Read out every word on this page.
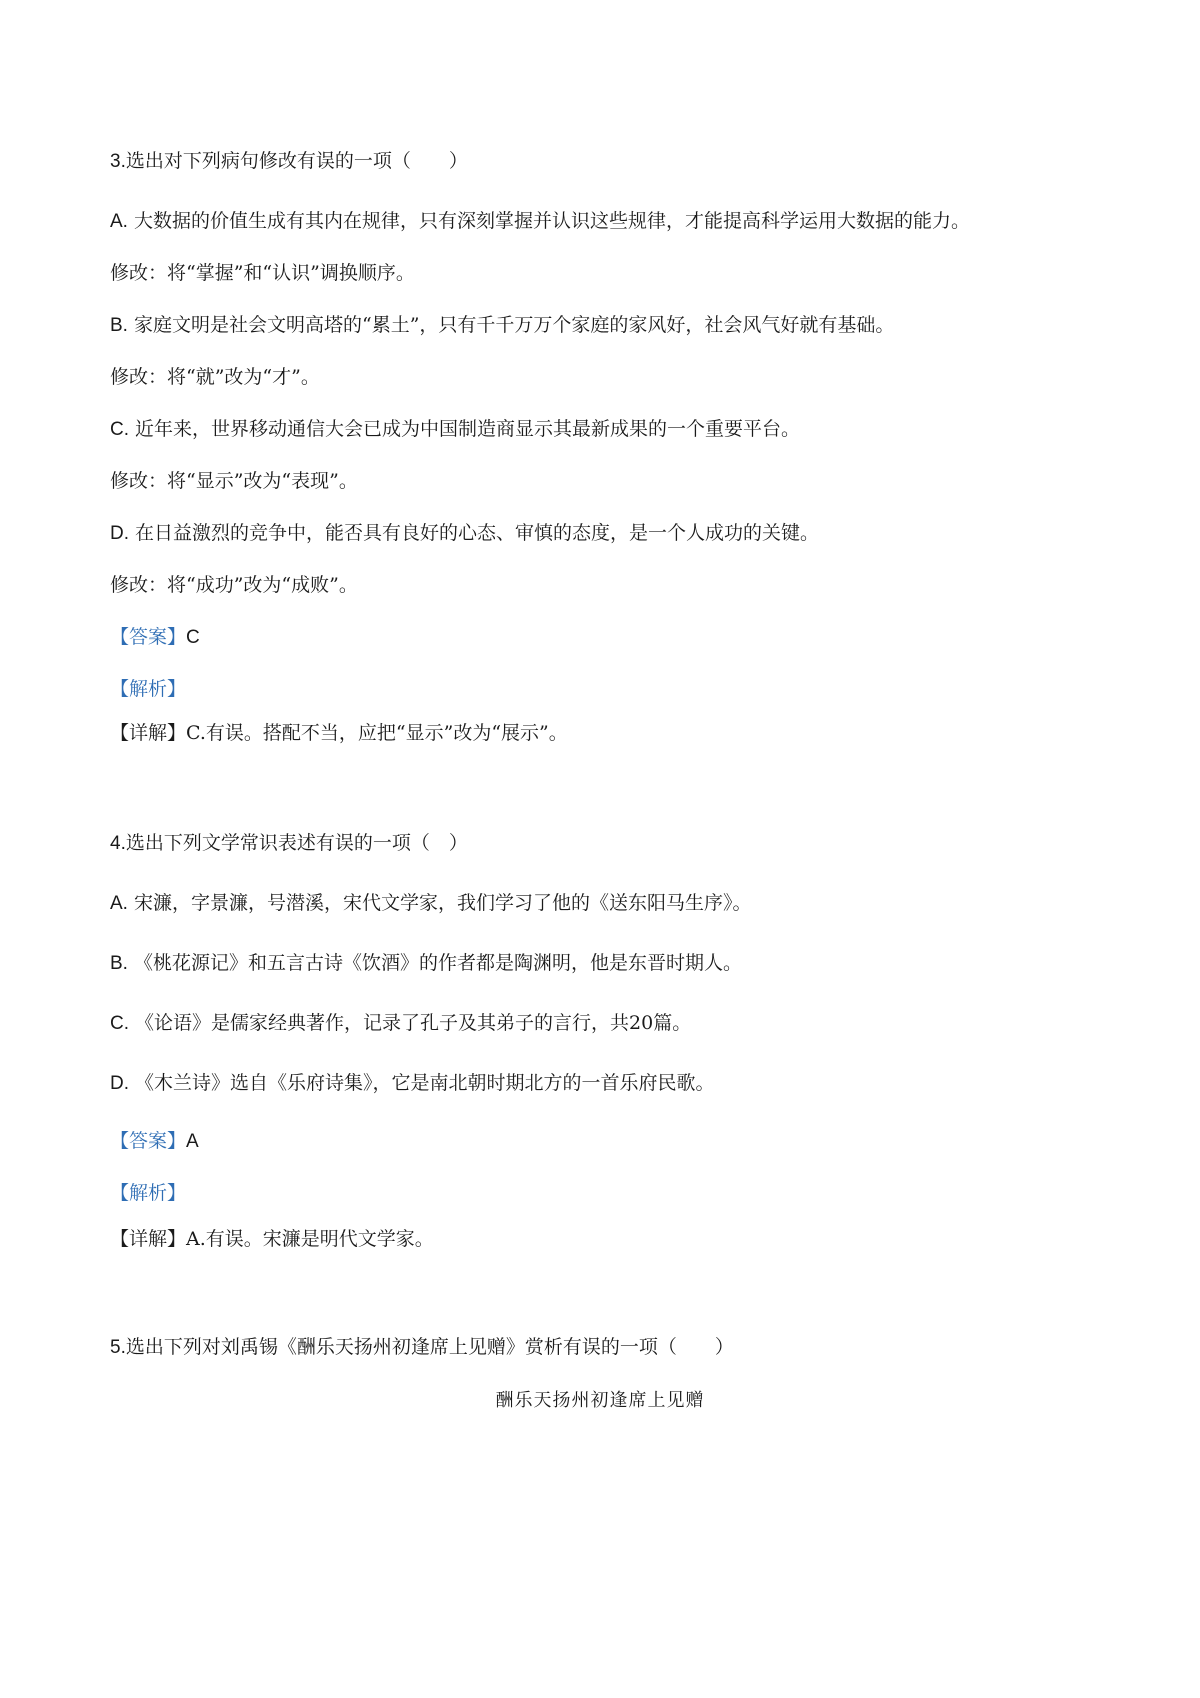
3.选出对下列病句修改有误的一项（　　）
A. 大数据的价值生成有其内在规律，只有深刻掌握并认识这些规律，才能提高科学运用大数据的能力。
修改：将“掌握”和“认识”调换顺序。
B. 家庭文明是社会文明高塔的“累土”，只有千千万万个家庭的家风好，社会风气好就有基础。
修改：将“就”改为“才”。
C. 近年来，世界移动通信大会已成为中国制造商显示其最新成果的一个重要平台。
修改：将“显示”改为“表现”。
D. 在日益激烈的竞争中，能否具有良好的心态、审慎的态度，是一个人成功的关键。
修改：将“成功”改为“成败”。
【答案】C
【解析】
【详解】C.有误。搭配不当，应把“显示”改为“展示”。
4.选出下列文学常识表述有误的一项（　）
A. 宋濂，字景濂，号潜溪，宋代文学家，我们学习了他的《送东阳马生序》。
B. 《桃花源记》和五言古诗《饮酒》的作者都是陶渊明，他是东晋时期人。
C. 《论语》是儒家经典著作，记录了孔子及其弟子的言行，共20篇。
D. 《木兰诗》选自《乐府诗集》，它是南北朝时期北方的一首乐府民歌。
【答案】A
【解析】
【详解】A.有误。宋濂是明代文学家。
5.选出下列对刘禹锡《酬乐天扬州初逢席上见赠》赏析有误的一项（　　）
酬乐天扬州初逢席上见赠
